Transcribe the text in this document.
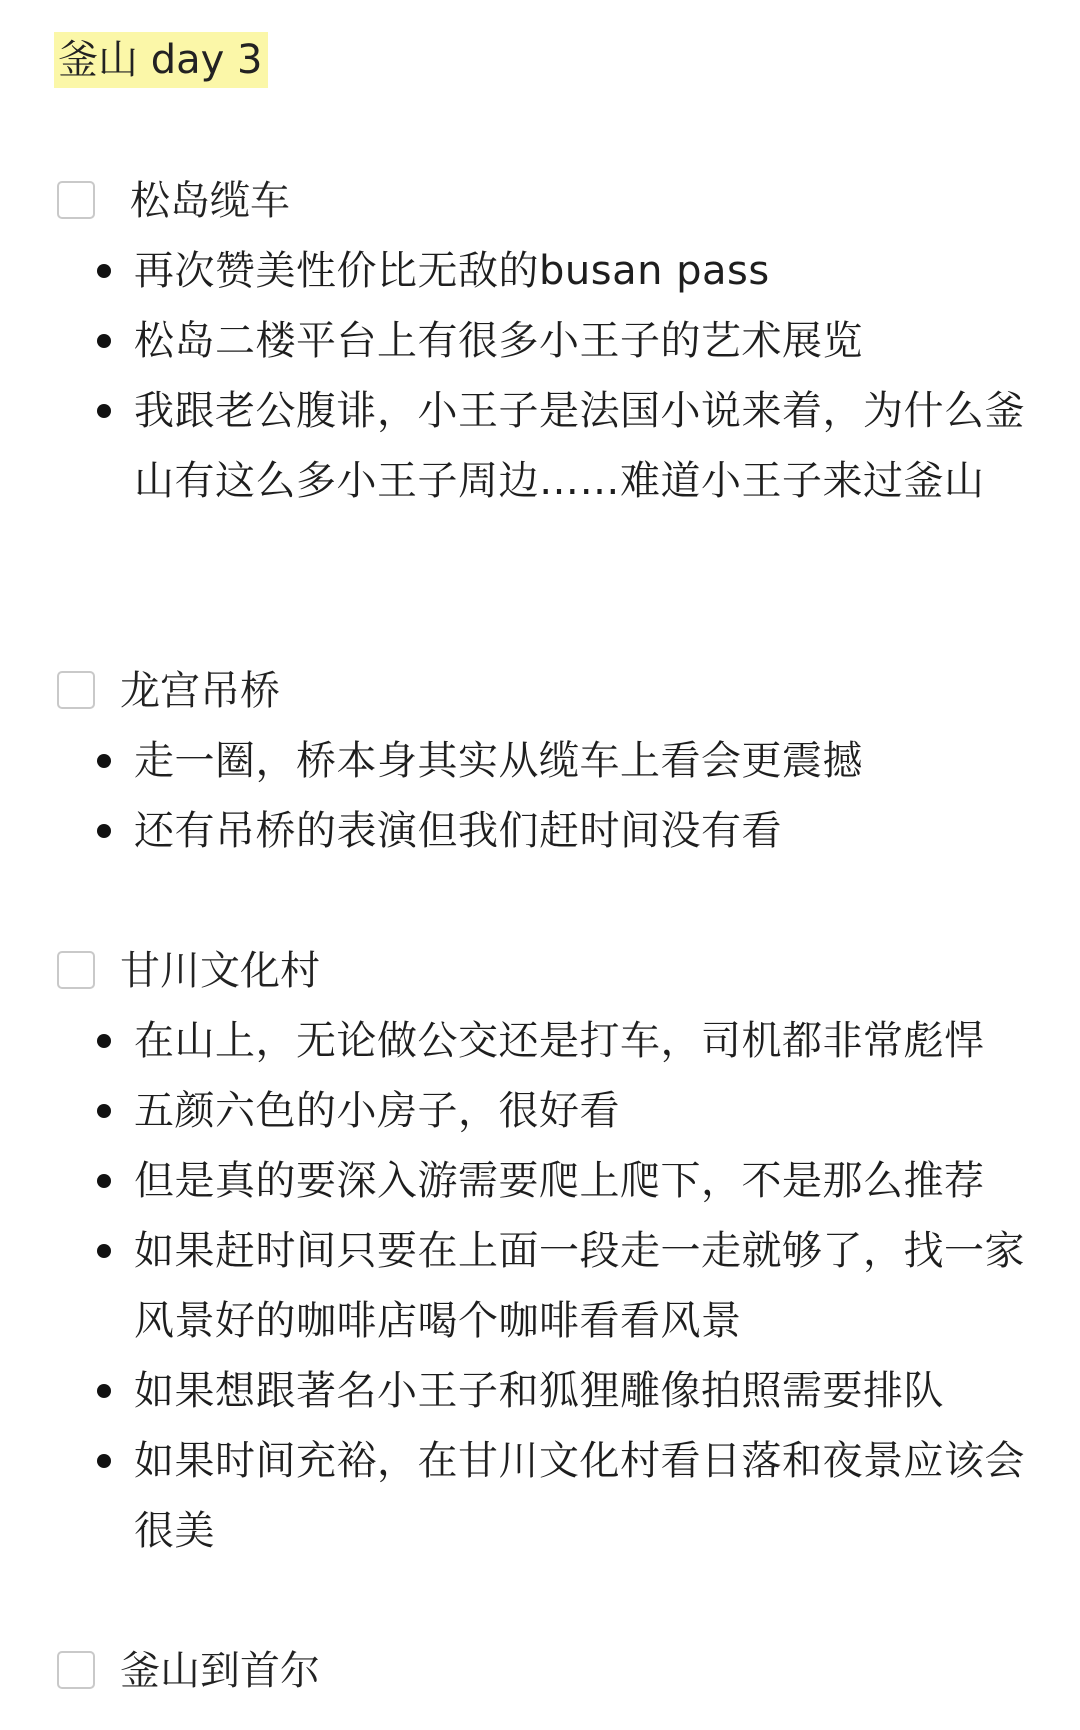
釜山 day 3
松岛缆车
再次赞美性价比无敌的busan pass
松岛二楼平台上有很多小王子的艺术展览
我跟老公腹诽，小王子是法国小说来着，为什么釜山有这么多小王子周边……难道小王子来过釜山
龙宫吊桥
走一圈，桥本身其实从缆车上看会更震撼
还有吊桥的表演但我们赶时间没有看
甘川文化村
在山上，无论做公交还是打车，司机都非常彪悍
五颜六色的小房子，很好看
但是真的要深入游需要爬上爬下，不是那么推荐
如果赶时间只要在上面一段走一走就够了，找一家风景好的咖啡店喝个咖啡看看风景
如果想跟著名小王子和狐狸雕像拍照需要排队
如果时间充裕，在甘川文化村看日落和夜景应该会很美
釜山到首尔
